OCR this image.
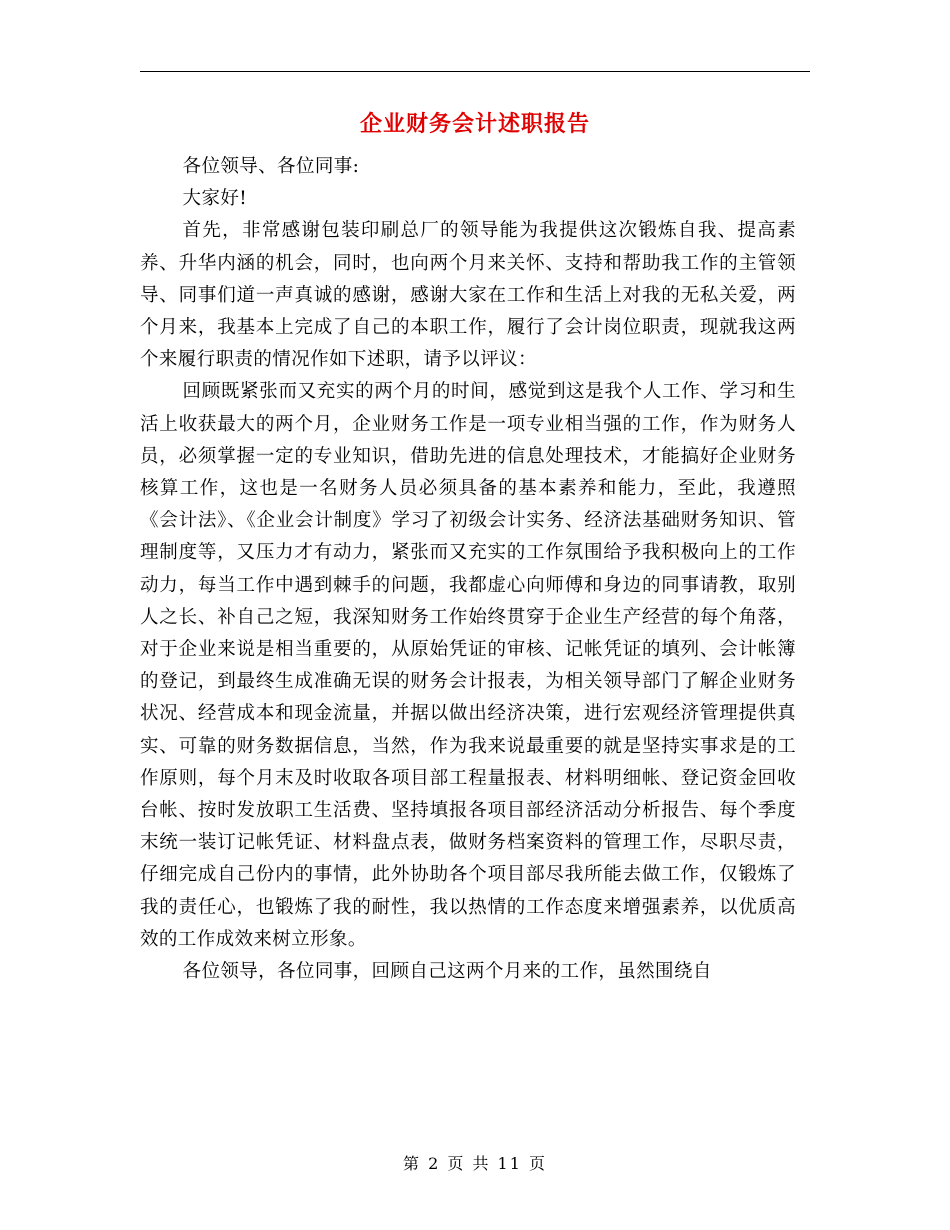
企业财务会计述职报告

各位领导、各位同事:

大家好!

首先，非常感谢包装印刷总厂的领导能为我提供这次锻炼自我、提高素养、升华内涵的机会，同时，也向两个月来关怀、支持和帮助我工作的主管领导、同事们道一声真诚的感谢，感谢大家在工作和生活上对我的无私关爱，两个月来，我基本上完成了自己的本职工作，履行了会计岗位职责，现就我这两个来履行职责的情况作如下述职，请予以评议：

回顾既紧张而又充实的两个月的时间，感觉到这是我个人工作、学习和生活上收获最大的两个月，企业财务工作是一项专业相当强的工作，作为财务人员，必须掌握一定的专业知识，借助先进的信息处理技术，才能搞好企业财务核算工作，这也是一名财务人员必须具备的基本素养和能力，至此，我遵照《会计法》、《企业会计制度》学习了初级会计实务、经济法基础财务知识、管理制度等，又压力才有动力，紧张而又充实的工作氛围给予我积极向上的工作动力，每当工作中遇到棘手的问题，我都虚心向师傅和身边的同事请教，取别人之长、补自己之短，我深知财务工作始终贯穿于企业生产经营的每个角落，对于企业来说是相当重要的，从原始凭证的审核、记帐凭证的填列、会计帐簿的登记，到最终生成准确无误的财务会计报表，为相关领导部门了解企业财务状况、经营成本和现金流量，并据以做出经济决策，进行宏观经济管理提供真实、可靠的财务数据信息，当然，作为我来说最重要的就是坚持实事求是的工作原则，每个月末及时收取各项目部工程量报表、材料明细帐、登记资金回收台帐、按时发放职工生活费、坚持填报各项目部经济活动分析报告、每个季度末统一装订记帐凭证、材料盘点表，做财务档案资料的管理工作，尽职尽责，仔细完成自己份内的事情，此外协助各个项目部尽我所能去做工作，仅锻炼了我的责任心，也锻炼了我的耐性，我以热情的工作态度来增强素养，以优质高效的工作成效来树立形象。

各位领导，各位同事，回顾自己这两个月来的工作，虽然围绕自

第 2 页 共 11 页
